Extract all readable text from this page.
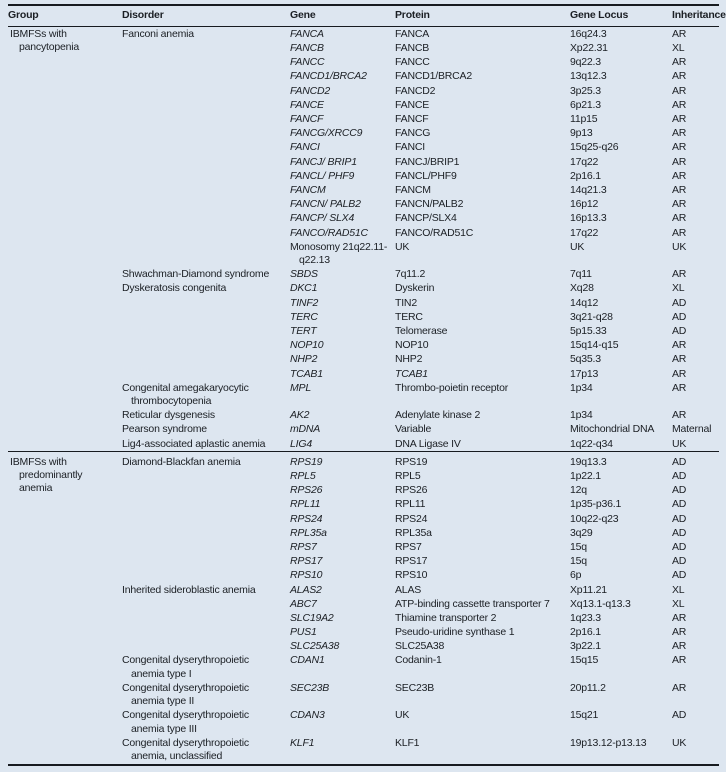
Group	Disorder	Gene	Protein	Gene Locus	Inheritance

IBMFSs with
pancytopenia	Fanconi anemia	FANCA	FANCA	16q24.3	AR
		FANCB	FANCB	Xp22.31	XL
		FANCC	FANCC	9q22.3	AR
		FANCD1/BRCA2	FANCD1/BRCA2	13q12.3	AR
		FANCD2	FANCD2	3p25.3	AR
		FANCE	FANCE	6p21.3	AR
		FANCF	FANCF	11p15	AR
		FANCG/XRCC9	FANCG	9p13	AR
		FANCI	FANCI	15q25-q26	AR
		FANCJ/ BRIP1	FANCJ/BRIP1	17q22	AR
		FANCL/ PHF9	FANCL/PHF9	2p16.1	AR
		FANCM	FANCM	14q21.3	AR
		FANCN/ PALB2	FANCN/PALB2	16p12	AR
		FANCP/ SLX4	FANCP/SLX4	16p13.3	AR
		FANCO/RAD51C	FANCO/RAD51C	17q22	AR
		Monosomy 21q22.11-q22.13	UK	UK	UK
	Shwachman-Diamond syndrome	SBDS	7q11.2	7q11	AR
	Dyskeratosis congenita	DKC1	Dyskerin	Xq28	XL
		TINF2	TIN2	14q12	AD
		TERC	TERC	3q21-q28	AD
		TERT	Telomerase	5p15.33	AD
		NOP10	NOP10	15q14-q15	AR
		NHP2	NHP2	5q35.3	AR
		TCAB1	TCAB1	17p13	AR
	Congenital amegakaryocytic thrombocytopenia	MPL	Thrombo-poietin receptor	1p34	AR
	Reticular dysgenesis	AK2	Adenylate kinase 2	1p34	AR
	Pearson syndrome	mDNA	Variable	Mitochondrial DNA	Maternal
	Lig4-associated aplastic anemia	LIG4	DNA Ligase IV	1q22-q34	UK

IBMFSs with
predominantly
anemia	Diamond-Blackfan anemia	RPS19	RPS19	19q13.3	AD
		RPL5	RPL5	1p22.1	AD
		RPS26	RPS26	12q	AD
		RPL11	RPL11	1p35-p36.1	AD
		RPS24	RPS24	10q22-q23	AD
		RPL35a	RPL35a	3q29	AD
		RPS7	RPS7	15q	AD
		RPS17	RPS17	15q	AD
		RPS10	RPS10	6p	AD
	Inherited sideroblastic anemia	ALAS2	ALAS	Xp11.21	XL
		ABC7	ATP-binding cassette transporter 7	Xq13.1-q13.3	XL
		SLC19A2	Thiamine transporter 2	1q23.3	AR
		PUS1	Pseudo-uridine synthase 1	2p16.1	AR
		SLC25A38	SLC25A38	3p22.1	AR
	Congenital dyserythropoietic anemia type I	CDAN1	Codanin-1	15q15	AR
	Congenital dyserythropoietic anemia type II	SEC23B	SEC23B	20p11.2	AR
	Congenital dyserythropoietic anemia type III	CDAN3	UK	15q21	AD
	Congenital dyserythropoietic anemia, unclassified	KLF1	KLF1	19p13.12-p13.13	UK
